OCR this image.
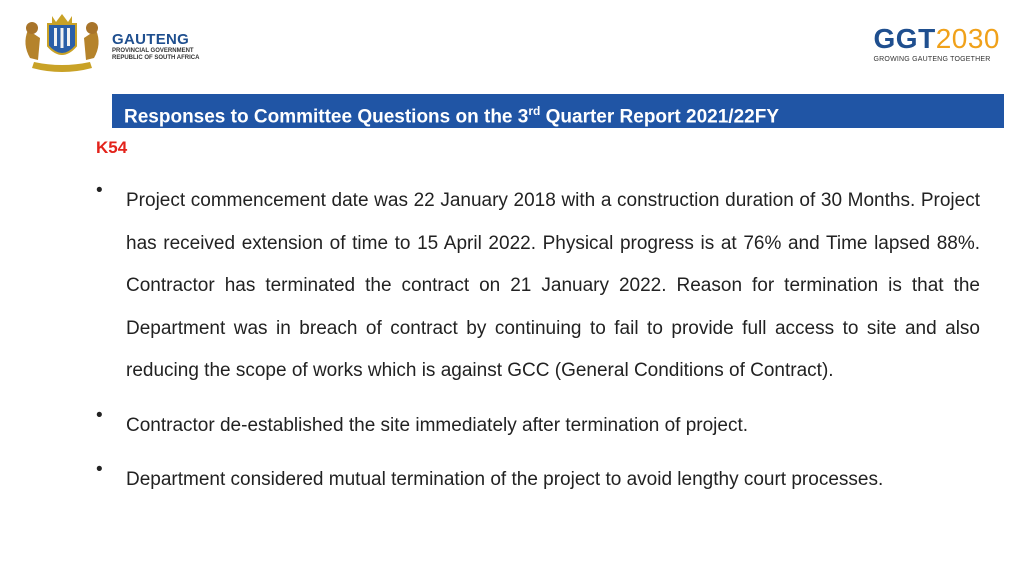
GAUTENG
PROVINCIAL GOVERNMENT
REPUBLIC OF SOUTH AFRICA
GGT2030
GROWING GAUTENG TOGETHER
Responses to Committee Questions on the 3rd Quarter Report 2021/22FY
K54
•	Project commencement date was 22 January 2018 with a construction duration of 30 Months. Project has received extension of time to 15 April 2022. Physical progress is at 76% and Time lapsed 88%. Contractor has terminated the contract on 21 January 2022. Reason for termination is that the Department was in breach of contract by continuing to fail to provide full access to site and also reducing the scope of works which is against GCC (General Conditions of Contract).
•	Contractor de-established the site immediately after termination of project.
•	Department considered mutual termination of the project to avoid lengthy court processes.
